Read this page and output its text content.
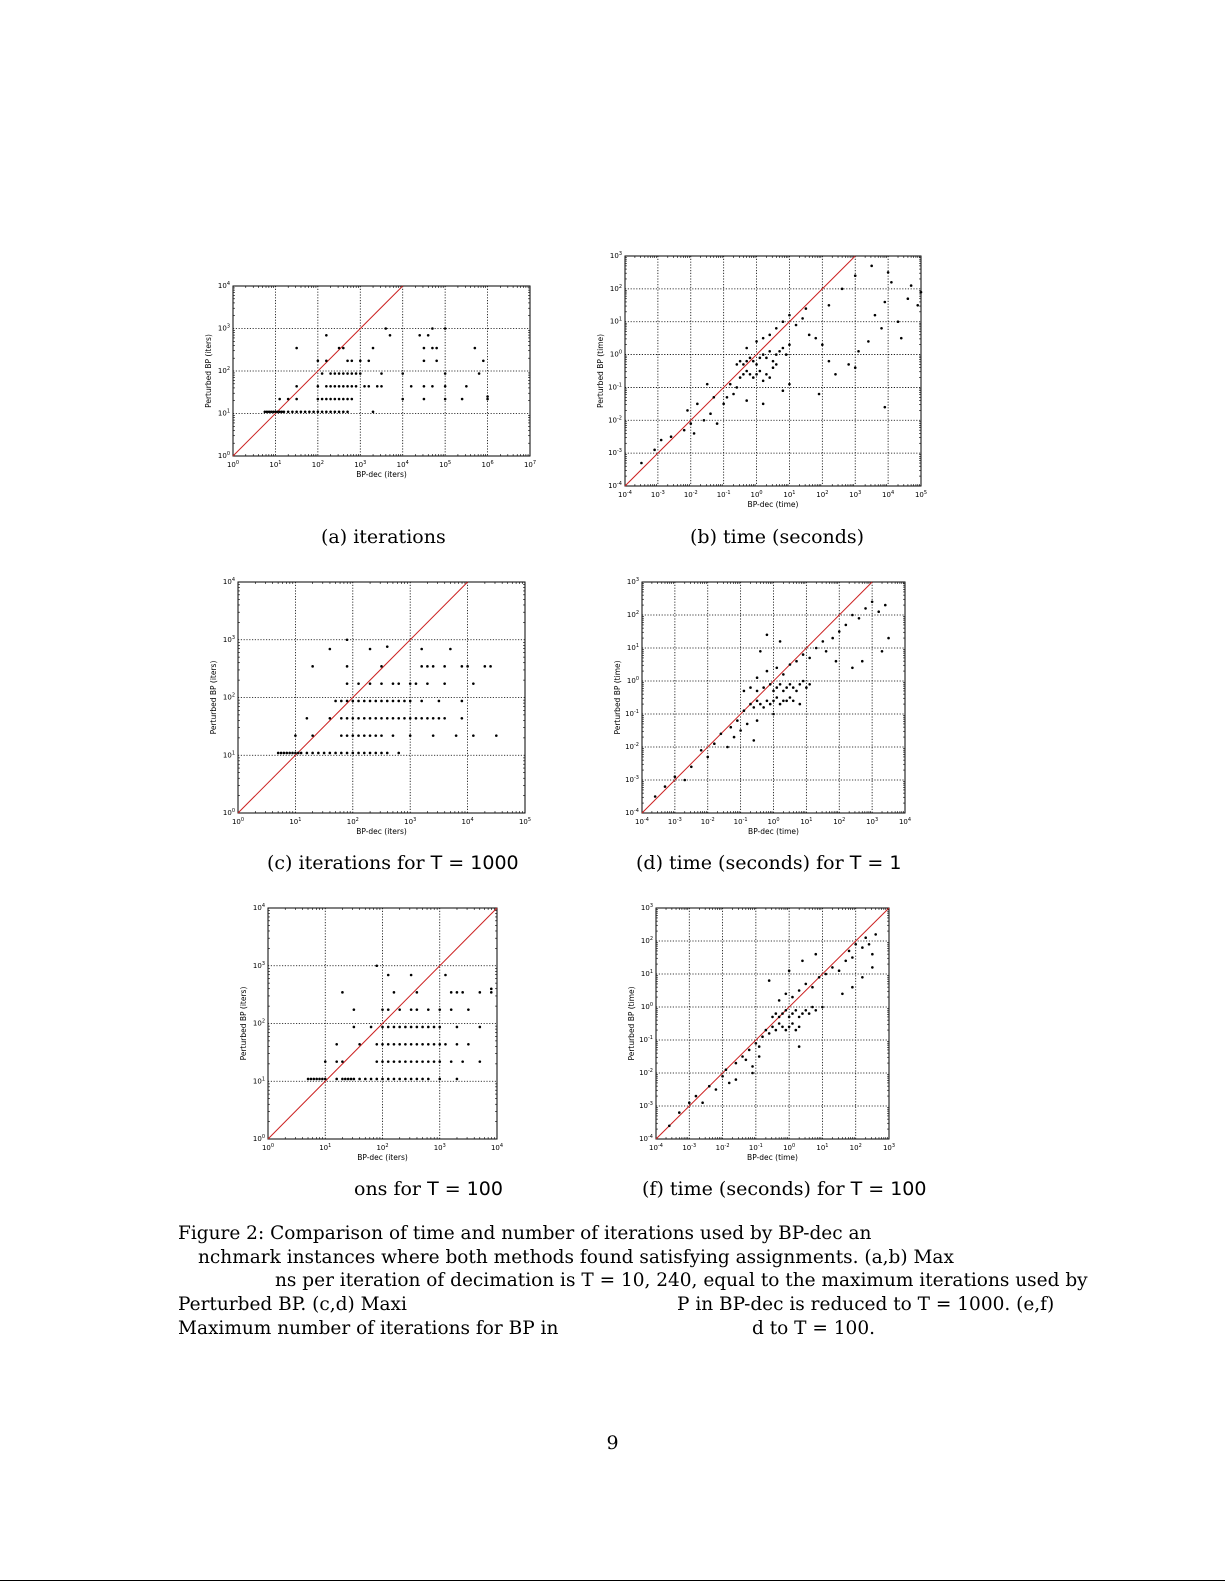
$10^0$	$10^1$	$10^2$	$10^3$	$10^4$	$10^5$	$10^6$	$10^7$
$10^0$
$10^1$
$10^2$
$10^3$
$10^4$
BP-dec (iters)
Perturbed BP (iters)
$10^{-4}$	$10^{-3}$	$10^{-2}$	$10^{-1}$	$10^0$	$10^1$	$10^2$	$10^3$	$10^4$	$10^5$
$10^{-4}$
$10^{-3}$
$10^{-2}$
$10^{-1}$
$10^0$
$10^1$
$10^2$
$10^3$
BP-dec (time)
Perturbed BP (time)
$10^0$	$10^1$	$10^2$	$10^3$	$10^4$	$10^5$
$10^0$
$10^1$
$10^2$
$10^3$
$10^4$
BP-dec (iters)
Perturbed BP (iters)
$10^{-4}$	$10^{-3}$	$10^{-2}$	$10^{-1}$	$10^0$	$10^1$	$10^2$	$10^3$	$10^4$
$10^{-4}$
$10^{-3}$
$10^{-2}$
$10^{-1}$
$10^0$
$10^1$
$10^2$
$10^3$
BP-dec (time)
Perturbed BP (time)
$10^0$	$10^1$	$10^2$	$10^3$	$10^4$
$10^0$
$10^1$
$10^2$
$10^3$
$10^4$
BP-dec (iters)
Perturbed BP (iters)
$10^{-4}$	$10^{-3}$	$10^{-2}$	$10^{-1}$	$10^0$	$10^1$	$10^2$	$10^3$
$10^{-4}$
$10^{-3}$
$10^{-2}$
$10^{-1}$
$10^0$
$10^1$
$10^2$
$10^3$
BP-dec (time)
Perturbed BP (time)
(a) iterations	(b) time (seconds)
(c) iterations for T = 1000	(d) time (seconds) for T = 1
ons for T = 100	(f) time (seconds) for T = 100
Figure 2: Comparison of time and number of iterations used by BP-dec an
nchmark instances where both methods found satisfying assignments. (a,b) Max
ns per iteration of decimation is T = 10, 240, equal to the maximum iterations used by
Perturbed BP. (c,d) Maxi	P in BP-dec is reduced to T = 1000. (e,f)
Maximum number of iterations for BP in	d to T = 100.
9
